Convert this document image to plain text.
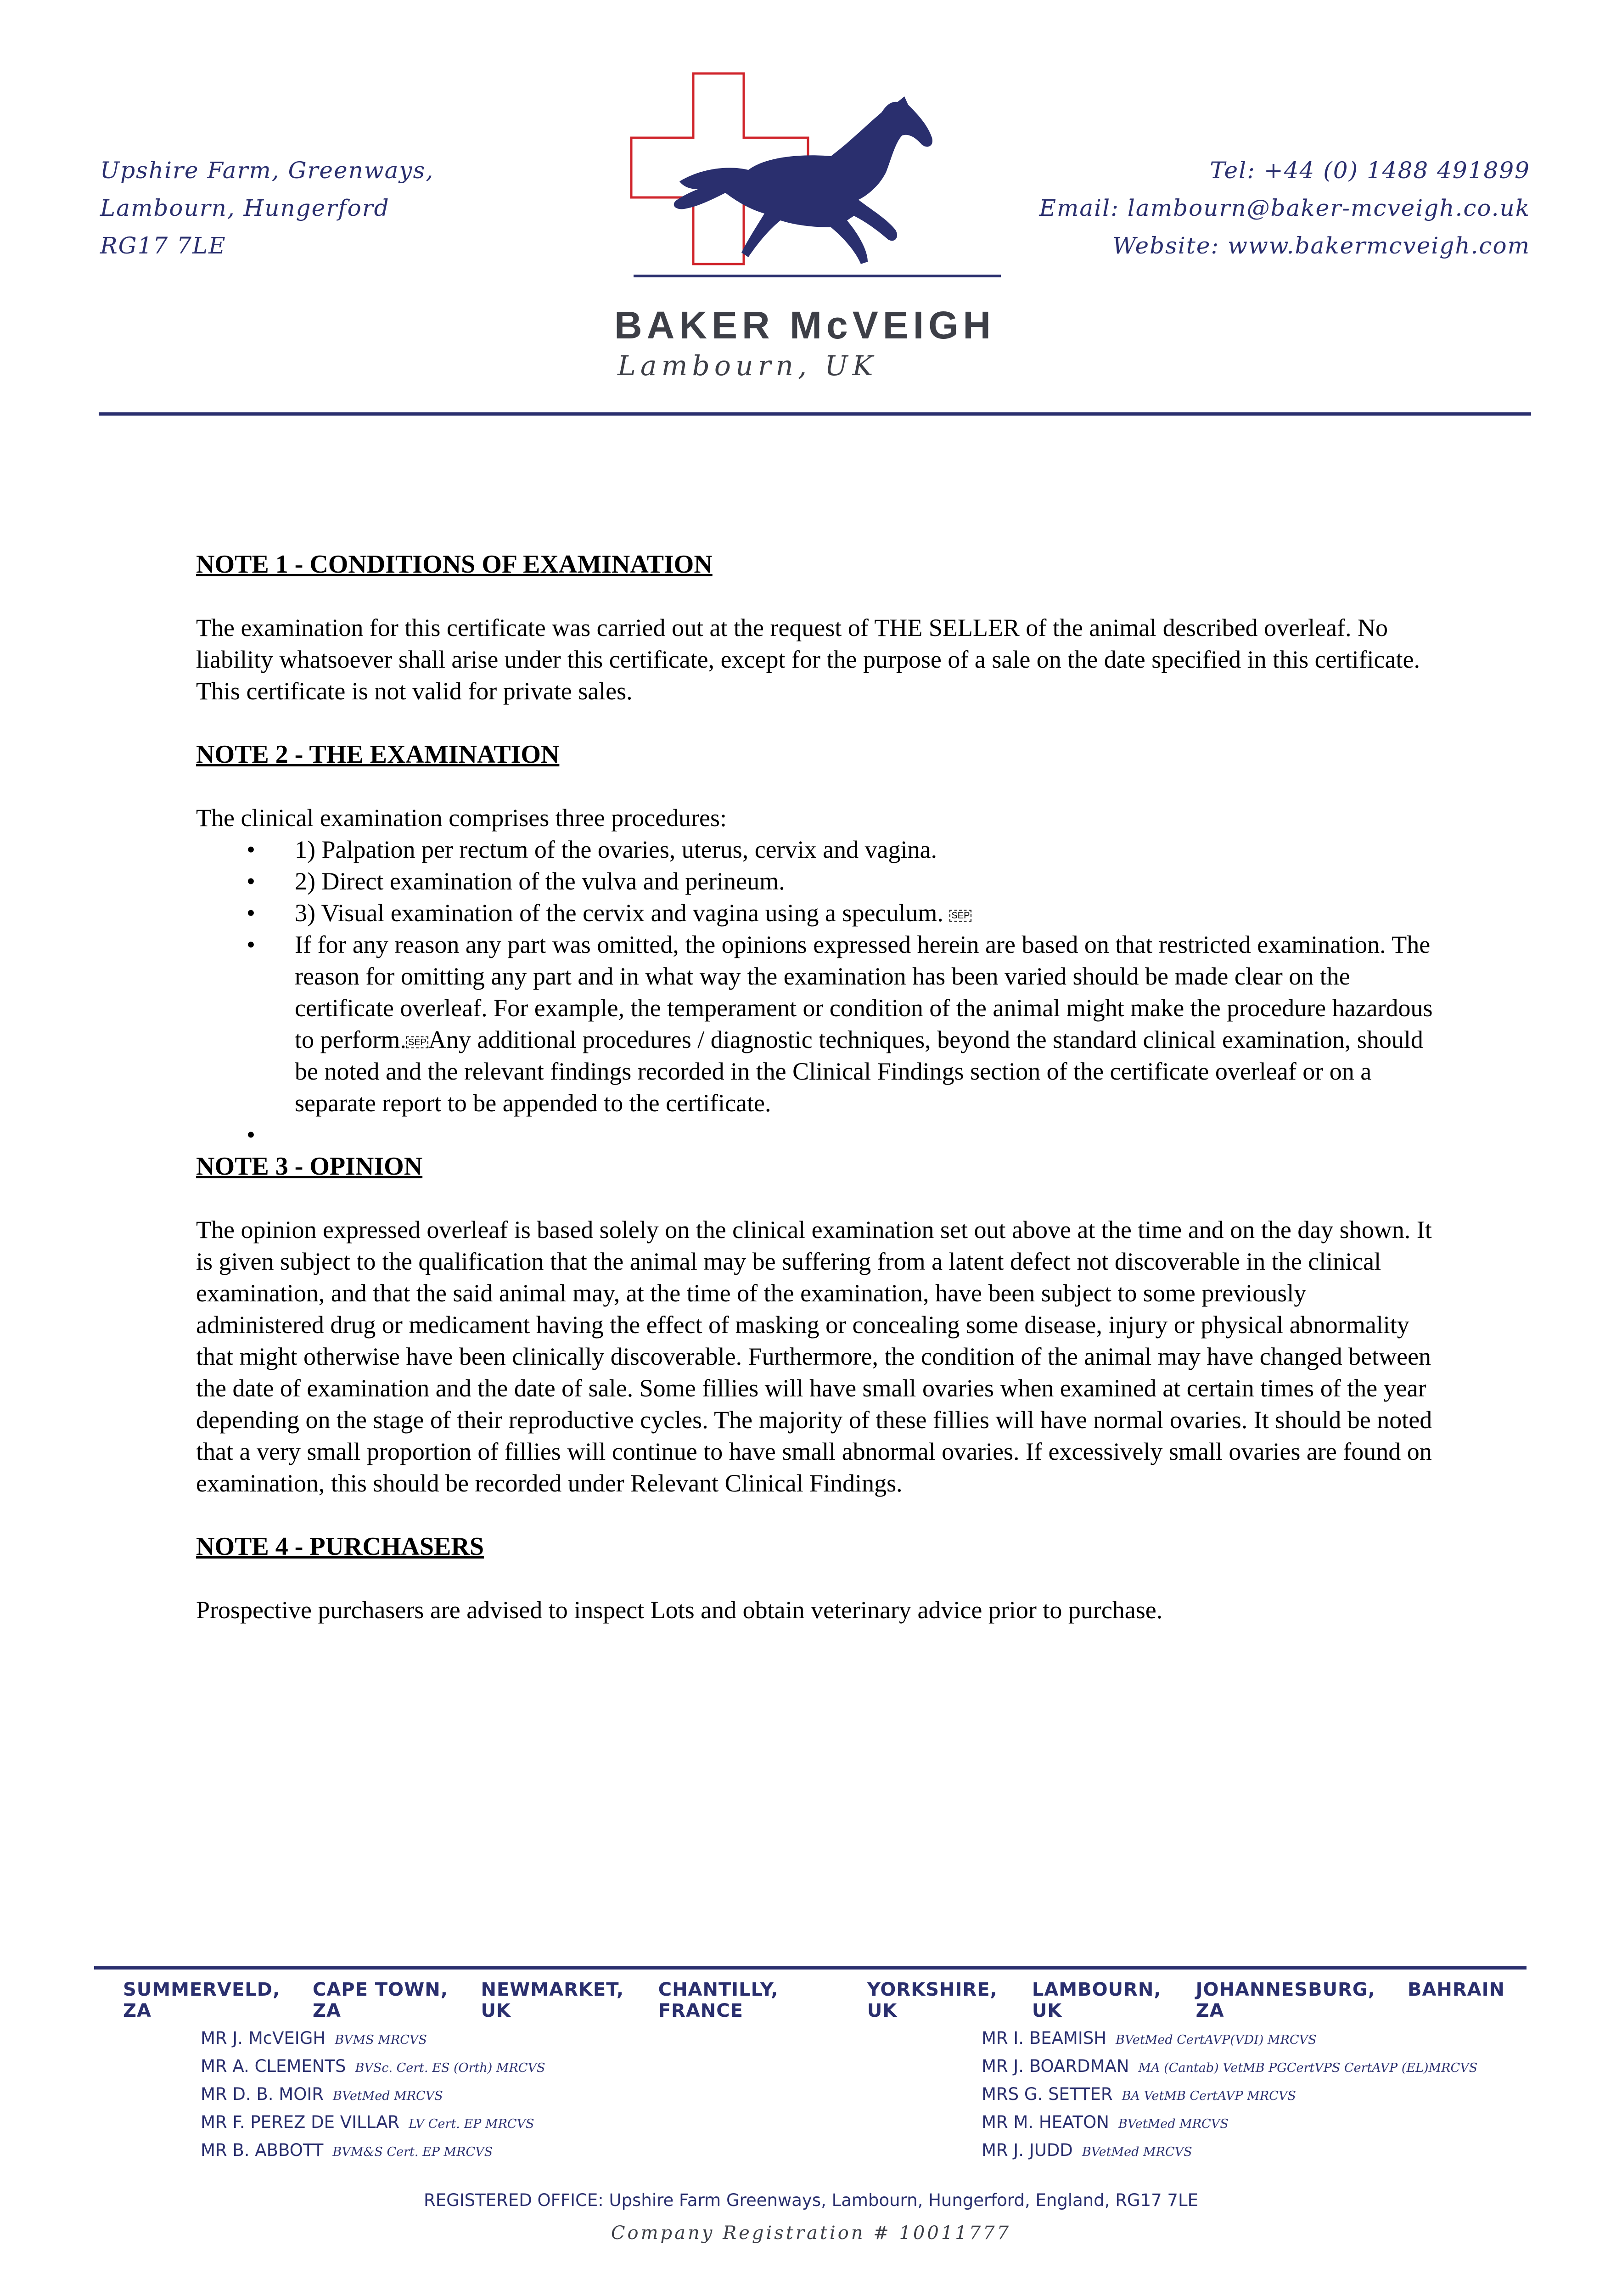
Upshire Farm, Greenways,
Lambourn, Hungerford
RG17 7LE
Tel: +44 (0) 1488 491899
Email: lambourn@baker-mcveigh.co.uk
Website: www.bakermcveigh.com
BAKER McVEIGH
Lambourn, UK
NOTE 1 - CONDITIONS OF EXAMINATION

The examination for this certificate was carried out at the request of THE SELLER of the animal described overleaf. No liability whatsoever shall arise under this certificate, except for the purpose of a sale on the date specified in this certificate. This certificate is not valid for private sales.

NOTE 2 - THE EXAMINATION
The clinical examination comprises three procedures:
• 1) Palpation per rectum of the ovaries, uterus, cervix and vagina.
• 2) Direct examination of the vulva and perineum.
• 3) Visual examination of the cervix and vagina using a speculum. SEP
• If for any reason any part was omitted, the opinions expressed herein are based on that restricted examination. The reason for omitting any part and in what way the examination has been varied should be made clear on the certificate overleaf. For example, the temperament or condition of the animal might make the procedure hazardous to perform. SEPAny additional procedures / diagnostic techniques, beyond the standard clinical examination, should be noted and the relevant findings recorded in the Clinical Findings section of the certificate overleaf or on a separate report to be appended to the certificate.
•

NOTE 3 - OPINION

The opinion expressed overleaf is based solely on the clinical examination set out above at the time and on the day shown. It is given subject to the qualification that the animal may be suffering from a latent defect not discoverable in the clinical examination, and that the said animal may, at the time of the examination, have been subject to some previously administered drug or medicament having the effect of masking or concealing some disease, injury or physical abnormality that might otherwise have been clinically discoverable. Furthermore, the condition of the animal may have changed between the date of examination and the date of sale. Some fillies will have small ovaries when examined at certain times of the year depending on the stage of their reproductive cycles. The majority of these fillies will have normal ovaries. It should be noted that a very small proportion of fillies will continue to have small abnormal ovaries. If excessively small ovaries are found on examination, this should be recorded under Relevant Clinical Findings.

NOTE 4 - PURCHASERS

Prospective purchasers are advised to inspect Lots and obtain veterinary advice prior to purchase.

SUMMERVELD, ZA
CAPE TOWN, ZA
NEWMARKET, UK
CHANTILLY, FRANCE
YORKSHIRE, UK
LAMBOURN, UK
JOHANNESBURG, ZA
BAHRAIN
MR J. McVEIGH BVMS MRCVS
MR A. CLEMENTS BVSc. Cert. ES (Orth) MRCVS
MR D. B. MOIR BVetMed MRCVS
MR F. PEREZ DE VILLAR LV Cert. EP MRCVS
MR B. ABBOTT BVM&S Cert. EP MRCVS
MR I. BEAMISH BVetMed CertAVP(VDI) MRCVS
MR J. BOARDMAN MA (Cantab) VetMB PGCertVPS CertAVP (EL)MRCVS
MRS G. SETTER BA VetMB CertAVP MRCVS
MR M. HEATON BVetMed MRCVS
MR J. JUDD BVetMed MRCVS
REGISTERED OFFICE: Upshire Farm Greenways, Lambourn, Hungerford, England, RG17 7LE
Company Registration # 10011777
